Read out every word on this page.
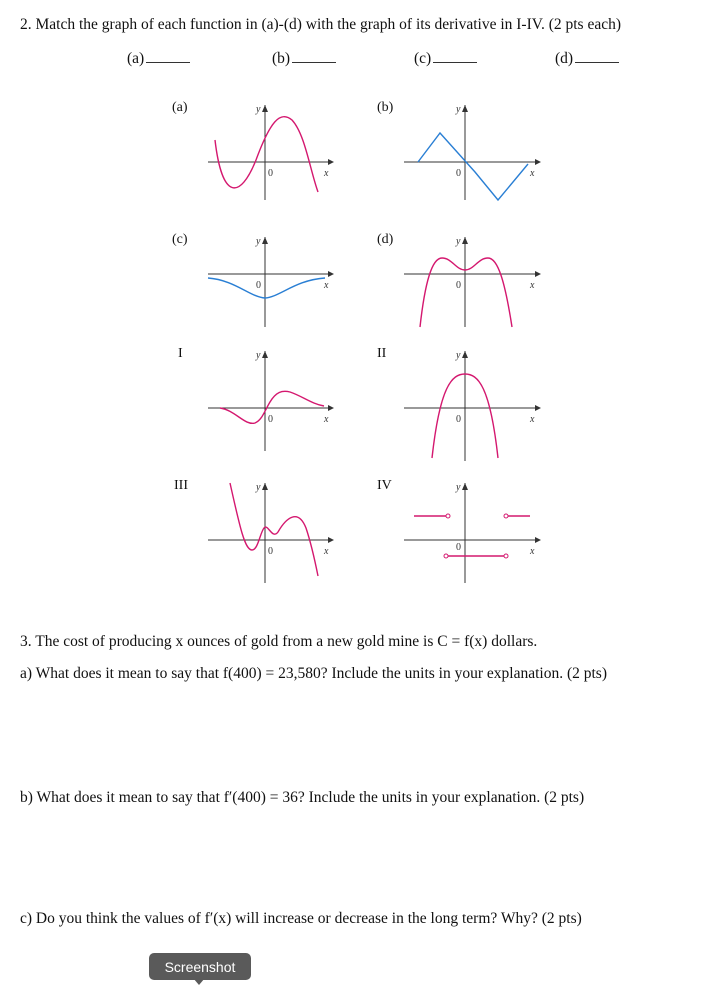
2. Match the graph of each function in (a)-(d) with the graph of its derivative in I-IV. (2 pts each)
(a)	(b)	(c)	(d)
(a)	(b)
(c)	(d)
I	II
III	IV
y
x
0
y
x
0
y
x
0
y
x
0
y
x
0
y
x
0
y
x
0
y
x
0
3. The cost of producing x ounces of gold from a new gold mine is C = f(x) dollars.
a) What does it mean to say that f(400) = 23,580? Include the units in your explanation. (2 pts)
b) What does it mean to say that f′(400) = 36? Include the units in your explanation. (2 pts)
c) Do you think the values of f′(x) will increase or decrease in the long term? Why? (2 pts)
Screenshot
